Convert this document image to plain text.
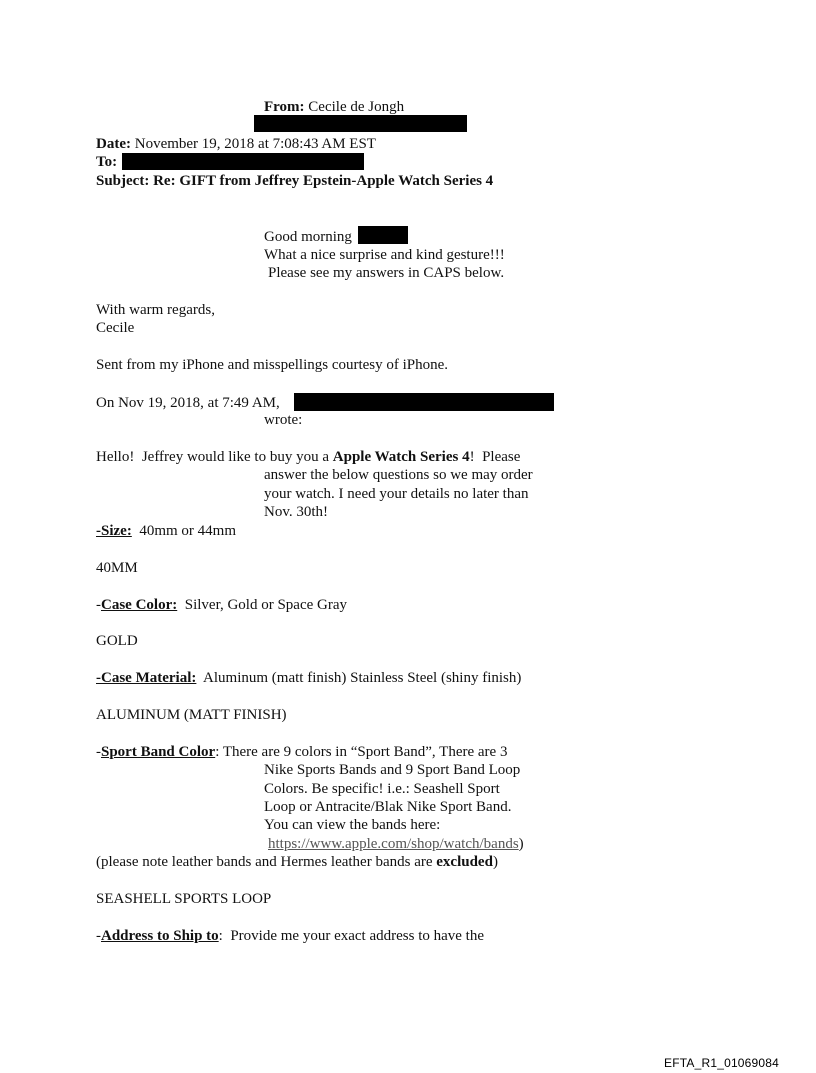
From: Cecile de Jongh
Date: November 19, 2018 at 7:08:43 AM EST
To:
Subject: Re: GIFT from Jeffrey Epstein-Apple Watch Series 4
Good morning
What a nice surprise and kind gesture!!!
Please see my answers in CAPS below.
With warm regards,
Cecile
Sent from my iPhone and misspellings courtesy of iPhone.
On Nov 19, 2018, at 7:49 AM,
wrote:
Hello!  Jeffrey would like to buy you a Apple Watch Series 4!  Please
answer the below questions so we may order
your watch. I need your details no later than
Nov. 30th!
-Size:  40mm or 44mm
40MM
-Case Color:  Silver, Gold or Space Gray
GOLD
-Case Material:  Aluminum (matt finish) Stainless Steel (shiny finish)
ALUMINUM (MATT FINISH)
-Sport Band Color: There are 9 colors in “Sport Band”, There are 3
Nike Sports Bands and 9 Sport Band Loop
Colors. Be specific! i.e.: Seashell Sport
Loop or Antracite/Blak Nike Sport Band.
You can view the bands here:
https://www.apple.com/shop/watch/bands)
(please note leather bands and Hermes leather bands are excluded)
SEASHELL SPORTS LOOP
-Address to Ship to:  Provide me your exact address to have the
EFTA_R1_01069084
